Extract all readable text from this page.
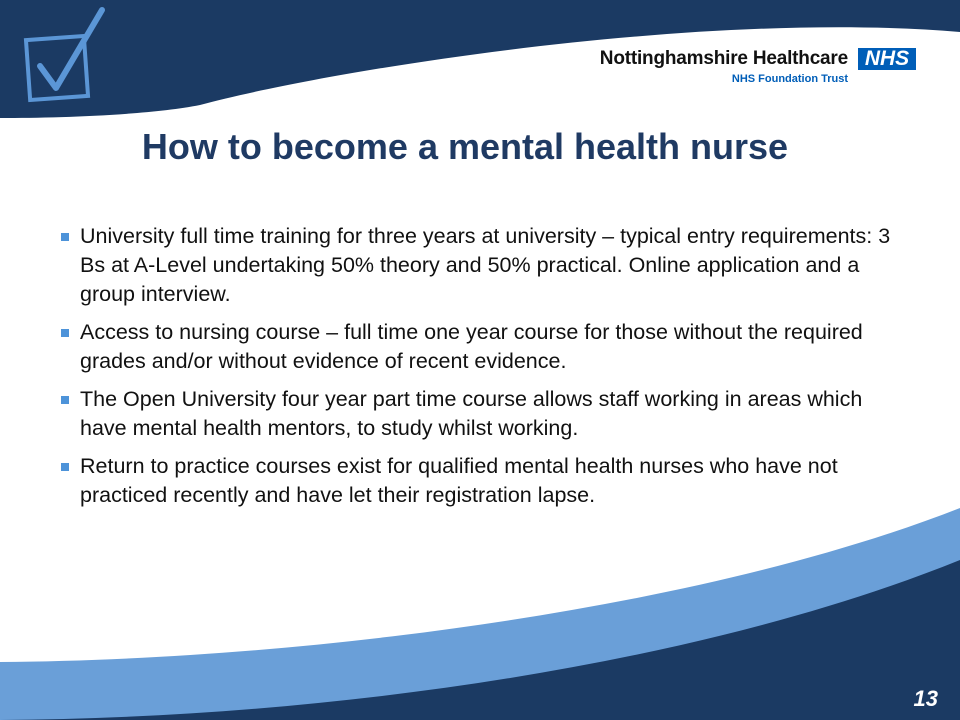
Nottinghamshire Healthcare NHS
NHS Foundation Trust
How to become a mental health nurse
University full time training for three years at university – typical entry requirements: 3 Bs at A-Level undertaking 50% theory and 50% practical. Online application and a group interview.
Access to nursing course – full time one year course for those without the required grades and/or without evidence of recent evidence.
The Open University four year part time course allows staff working in areas which have mental health mentors, to study whilst working.
Return to practice courses exist for qualified mental health nurses who have not practiced recently and have let their registration lapse.
13
